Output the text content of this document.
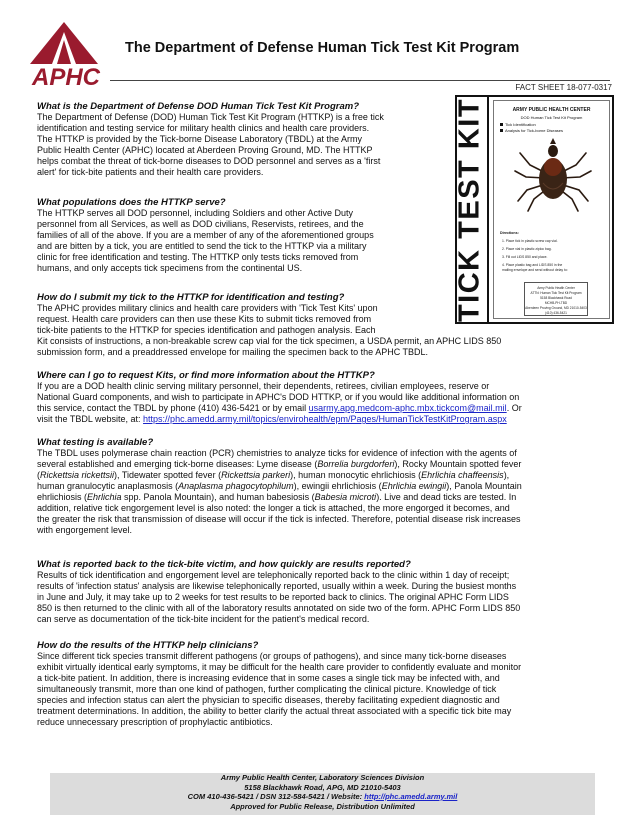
APHC
The Department of Defense Human Tick Test Kit Program
FACT SHEET 18-077-0317
TICK TEST KIT	ARMY PUBLIC HEALTH CENTER
DOD Human Tick Test Kit Program
Tick Identification
Analysis for Tick-borne Diseases
Directions:
1. Place tick in plastic screw cap vial.
2. Place vial in plastic ziploc bag.
3. Fill out LIDS 850 and place.
4. Place plastic bag and LIDS 850 in the
mailing envelope and send without delay to:
Army Public Health Center
ATTN: Human Tick Test Kit Program
5158 Blackhawk Road
MCHB-PH-TBD
Aberdeen Proving Ground, MD 21010-5403
(410) 436-5421
What is the Department of Defense DOD Human Tick Test Kit Program?
The Department of Defense (DOD) Human Tick Test Kit Program (HTTKP) is a free tick
identification and testing service for military health clinics and health care providers.
The HTTKP is provided by the Tick-borne Disease Laboratory (TBDL) at the Army
Public Health Center (APHC) located at Aberdeen Proving Ground, MD. The HTTKP
helps combat the threat of tick-borne diseases to DOD personnel and serves as a 'first
alert' for tick-bite patients and their health care providers.
What populations does the HTTKP serve?
The HTTKP serves all DOD personnel, including Soldiers and other Active Duty
personnel from all Services, as well as DOD civilians, Reservists, retirees, and the
families of all of the above. If you are a member of any of the aforementioned groups
and are bitten by a tick, you are entitled to send the tick to the HTTKP via a military
clinic for free identification and testing. The HTTKP only tests ticks removed from
humans, and only accepts tick specimens from the continental US.
How do I submit my tick to the HTTKP for identification and testing?
The APHC provides military clinics and health care providers with 'Tick Test Kits' upon
request. Health care providers can then use these Kits to submit ticks removed from
tick-bite patients to the HTTKP for species identification and pathogen analysis. Each
Kit consists of instructions, a non-breakable screw cap vial for the tick specimen, a USDA permit, an APHC LIDS 850
submission form, and a preaddressed envelope for mailing the specimen back to the APHC TBDL.
Where can I go to request Kits, or find more information about the HTTKP?
If you are a DOD health clinic serving military personnel, their dependents, retirees, civilian employees, reserve or
National Guard components, and wish to participate in APHC's DOD HTTKP, or if you would like additional information on
this service, contact the TBDL by phone (410) 436-5421 or by email usarmy.apg.medcom-aphc.mbx.tickcom@mail.mil. Or
visit the TBDL website, at: https://phc.amedd.army.mil/topics/envirohealth/epm/Pages/HumanTickTestKitProgram.aspx
What testing is available?
The TBDL uses polymerase chain reaction (PCR) chemistries to analyze ticks for evidence of infection with the agents of
several established and emerging tick-borne diseases: Lyme disease (Borrelia burgdorferi), Rocky Mountain spotted fever
(Rickettsia rickettsii), Tidewater spotted fever (Rickettsia parkeri), human monocytic ehrlichiosis (Ehrlichia chaffeensis),
human granulocytic anaplasmosis (Anaplasma phagocytophilum), ewingii ehrlichiosis (Ehrlichia ewingii), Panola Mountain
ehrlichiosis (Ehrlichia spp. Panola Mountain), and human babesiosis (Babesia microti). Live and dead ticks are tested. In
addition, relative tick engorgement level is also noted: the longer a tick is attached, the more engorged it becomes, and
the greater the risk that transmission of disease will occur if the tick is infected. Therefore, potential disease risk increases
with engorgement level.
What is reported back to the tick-bite victim, and how quickly are results reported?
Results of tick identification and engorgement level are telephonically reported back to the clinic within 1 day of receipt;
results of 'infection status' analysis are likewise telephonically reported, usually within a week. During the busiest months
in June and July, it may take up to 2 weeks for test results to be reported back to clinics. The original APHC Form LIDS
850 is then returned to the clinic with all of the laboratory results annotated on side two of the form. APHC Form LIDS 850
can serve as documentation of the tick-bite incident for the patient's medical record.
How do the results of the HTTKP help clinicians?
Since different tick species transmit different pathogens (or groups of pathogens), and since many tick-borne diseases
exhibit virtually identical early symptoms, it may be difficult for the health care provider to confidently evaluate and monitor
a tick-bite patient. In addition, there is increasing evidence that in some cases a single tick may be infected with, and
simultaneously transmit, more than one kind of pathogen, further complicating the clinical picture. Knowledge of tick
species and infection status can alert the physician to specific diseases, thereby facilitating expedient diagnostic and
treatment determinations. In addition, the ability to better clarify the actual threat associated with a specific tick bite may
reduce unnecessary prescription of prophylactic antibiotics.
Army Public Health Center, Laboratory Sciences Division
5158 Blackhawk Road, APG, MD 21010-5403
COM 410-436-5421 / DSN 312-584-5421 / Website: http://phc.amedd.army.mil
Approved for Public Release, Distribution Unlimited
